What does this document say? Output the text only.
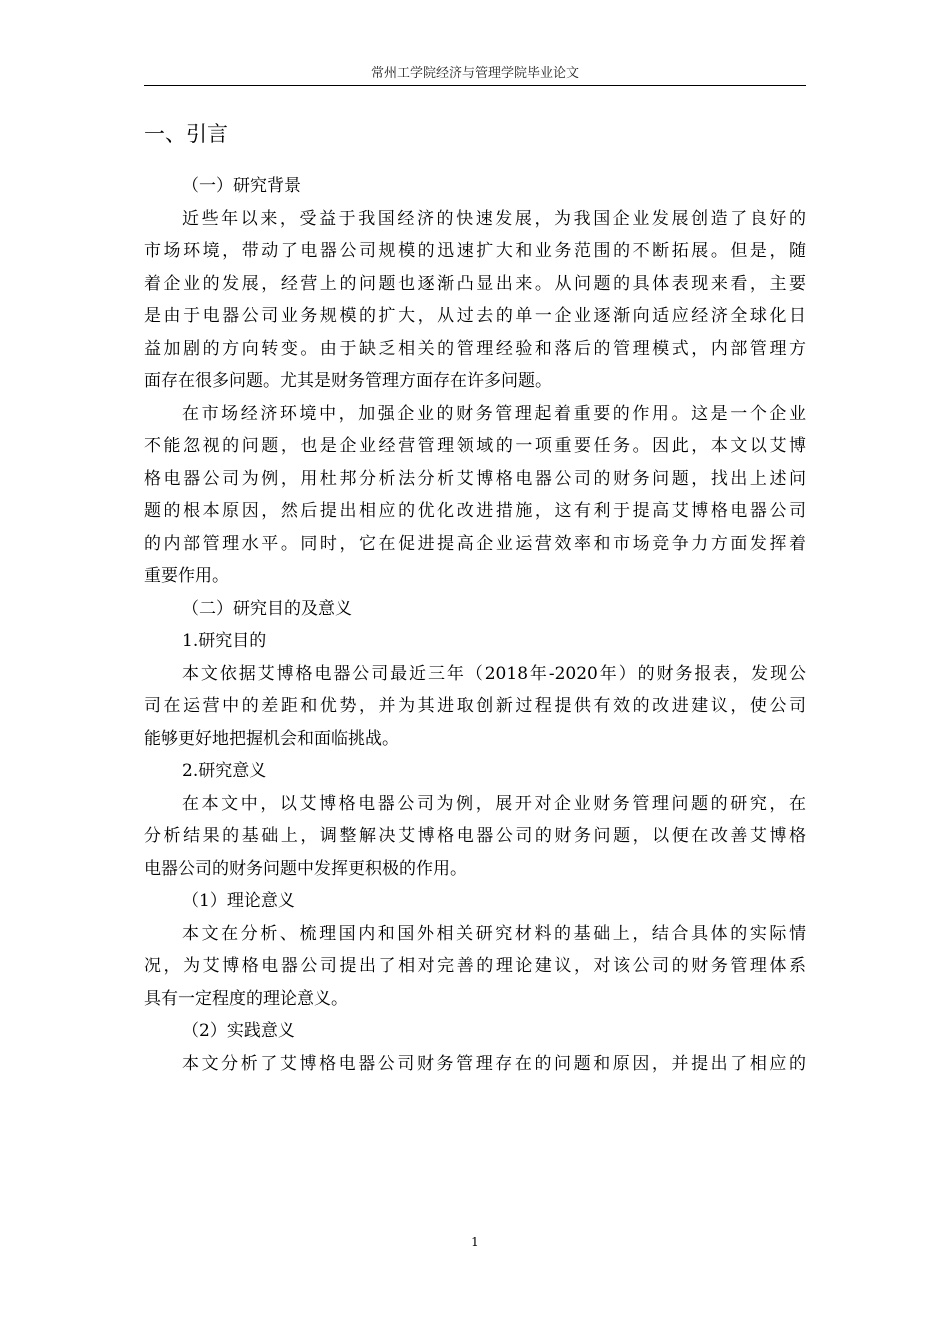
常州工学院经济与管理学院毕业论文
一、引言
（一）研究背景
近些年以来，受益于我国经济的快速发展，为我国企业发展创造了良好的
市场环境，带动了电器公司规模的迅速扩大和业务范围的不断拓展。但是，随
着企业的发展，经营上的问题也逐渐凸显出来。从问题的具体表现来看，主要
是由于电器公司业务规模的扩大，从过去的单一企业逐渐向适应经济全球化日
益加剧的方向转变。由于缺乏相关的管理经验和落后的管理模式，内部管理方
面存在很多问题。尤其是财务管理方面存在许多问题。
在市场经济环境中，加强企业的财务管理起着重要的作用。这是一个企业
不能忽视的问题，也是企业经营管理领域的一项重要任务。因此，本文以艾博
格电器公司为例，用杜邦分析法分析艾博格电器公司的财务问题，找出上述问
题的根本原因，然后提出相应的优化改进措施，这有利于提高艾博格电器公司
的内部管理水平。同时，它在促进提高企业运营效率和市场竞争力方面发挥着
重要作用。
（二）研究目的及意义
1.研究目的
本文依据艾博格电器公司最近三年（2018年-2020年）的财务报表，发现公
司在运营中的差距和优势，并为其进取创新过程提供有效的改进建议，使公司
能够更好地把握机会和面临挑战。
2.研究意义
在本文中，以艾博格电器公司为例，展开对企业财务管理问题的研究，在
分析结果的基础上，调整解决艾博格电器公司的财务问题，以便在改善艾博格
电器公司的财务问题中发挥更积极的作用。
（1）理论意义
本文在分析、梳理国内和国外相关研究材料的基础上，结合具体的实际情
况，为艾博格电器公司提出了相对完善的理论建议，对该公司的财务管理体系
具有一定程度的理论意义。
（2）实践意义
本文分析了艾博格电器公司财务管理存在的问题和原因，并提出了相应的
1
